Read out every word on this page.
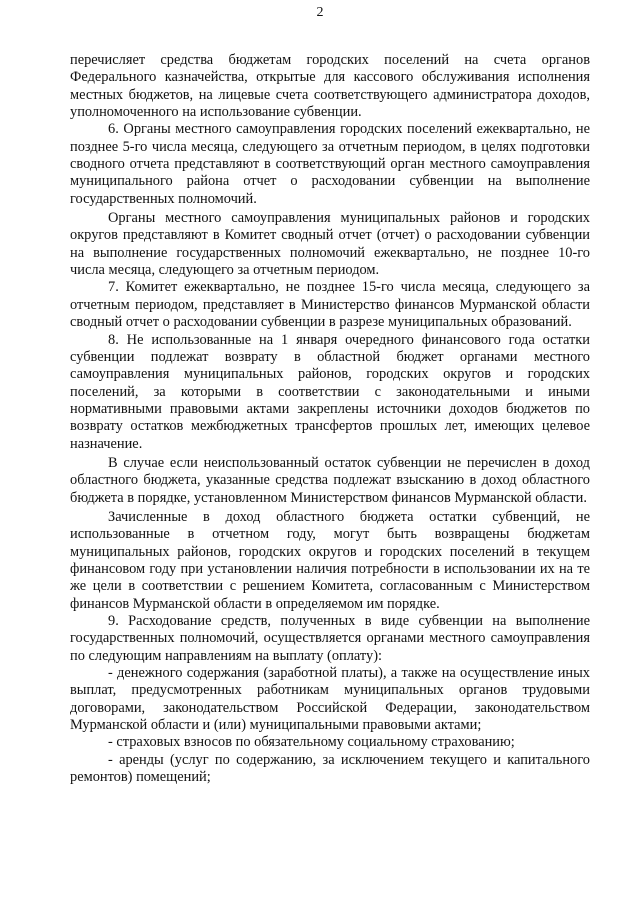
2

перечисляет средства бюджетам городских поселений на счета органов Федерального казначейства, открытые для кассового обслуживания исполнения местных бюджетов, на лицевые счета соответствующего администратора доходов, уполномоченного на использование субвенции.

6. Органы местного самоуправления городских поселений ежеквартально, не позднее 5-го числа месяца, следующего за отчетным периодом, в целях подготовки сводного отчета представляют в соответствующий орган местного самоуправления муниципального района отчет о расходовании субвенции на выполнение государственных полномочий.

Органы местного самоуправления муниципальных районов и городских округов представляют в Комитет сводный отчет (отчет) о расходовании субвенции на выполнение государственных полномочий ежеквартально, не позднее 10-го числа месяца, следующего за отчетным периодом.

7. Комитет ежеквартально, не позднее 15-го числа месяца, следующего за отчетным периодом, представляет в Министерство финансов Мурманской области сводный отчет о расходовании субвенции в разрезе муниципальных образований.

8. Не использованные на 1 января очередного финансового года остатки субвенции подлежат возврату в областной бюджет органами местного самоуправления муниципальных районов, городских округов и городских поселений, за которыми в соответствии с законодательными и иными нормативными правовыми актами закреплены источники доходов бюджетов по возврату остатков межбюджетных трансфертов прошлых лет, имеющих целевое назначение.

В случае если неиспользованный остаток субвенции не перечислен в доход областного бюджета, указанные средства подлежат взысканию в доход областного бюджета в порядке, установленном Министерством финансов Мурманской области.

Зачисленные в доход областного бюджета остатки субвенций, не использованные в отчетном году, могут быть возвращены бюджетам муниципальных районов, городских округов и городских поселений в текущем финансовом году при установлении наличия потребности в использовании их на те же цели в соответствии с решением Комитета, согласованным с Министерством финансов Мурманской области в определяемом им порядке.

9. Расходование средств, полученных в виде субвенции на выполнение государственных полномочий, осуществляется органами местного самоуправления по следующим направлениям на выплату (оплату):

- денежного содержания (заработной платы), а также на осуществление иных выплат, предусмотренных работникам муниципальных органов трудовыми договорами, законодательством Российской Федерации, законодательством Мурманской области и (или) муниципальными правовыми актами;

- страховых взносов по обязательному социальному страхованию;

- аренды (услуг по содержанию, за исключением текущего и капитального ремонтов) помещений;
